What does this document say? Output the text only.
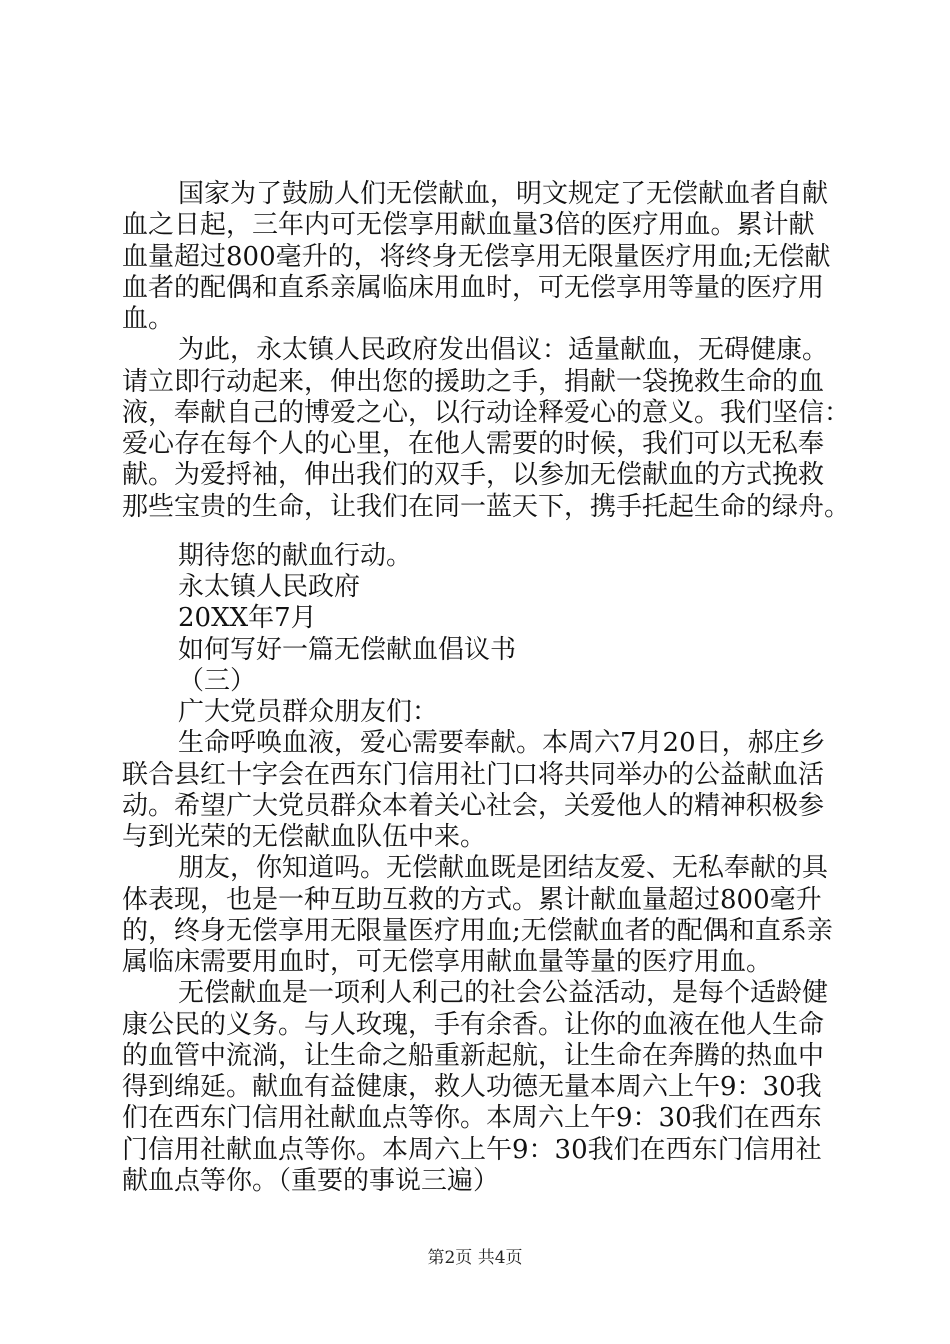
国家为了鼓励人们无偿献血，明文规定了无偿献血者自献
血之日起，三年内可无偿享用献血量3倍的医疗用血。累计献
血量超过800毫升的，将终身无偿享用无限量医疗用血;无偿献
血者的配偶和直系亲属临床用血时，可无偿享用等量的医疗用
血。
为此，永太镇人民政府发出倡议：适量献血，无碍健康。
请立即行动起来，伸出您的援助之手，捐献一袋挽救生命的血
液，奉献自己的博爱之心，以行动诠释爱心的意义。我们坚信：
爱心存在每个人的心里，在他人需要的时候，我们可以无私奉
献。为爱捋袖，伸出我们的双手，以参加无偿献血的方式挽救
那些宝贵的生命，让我们在同一蓝天下，携手托起生命的绿舟。
期待您的献血行动。
永太镇人民政府
20XX年7月
如何写好一篇无偿献血倡议书
（三）
广大党员群众朋友们：
生命呼唤血液，爱心需要奉献。本周六7月20日，郝庄乡
联合县红十字会在西东门信用社门口将共同举办的公益献血活
动。希望广大党员群众本着关心社会，关爱他人的精神积极参
与到光荣的无偿献血队伍中来。
朋友，你知道吗。无偿献血既是团结友爱、无私奉献的具
体表现，也是一种互助互救的方式。累计献血量超过800毫升
的，终身无偿享用无限量医疗用血;无偿献血者的配偶和直系亲
属临床需要用血时，可无偿享用献血量等量的医疗用血。
无偿献血是一项利人利己的社会公益活动，是每个适龄健
康公民的义务。与人玫瑰，手有余香。让你的血液在他人生命
的血管中流淌，让生命之船重新起航，让生命在奔腾的热血中
得到绵延。献血有益健康，救人功德无量本周六上午9：30我
们在西东门信用社献血点等你。本周六上午9：30我们在西东
门信用社献血点等你。本周六上午9：30我们在西东门信用社
献血点等你。（重要的事说三遍）
第2页 共4页
